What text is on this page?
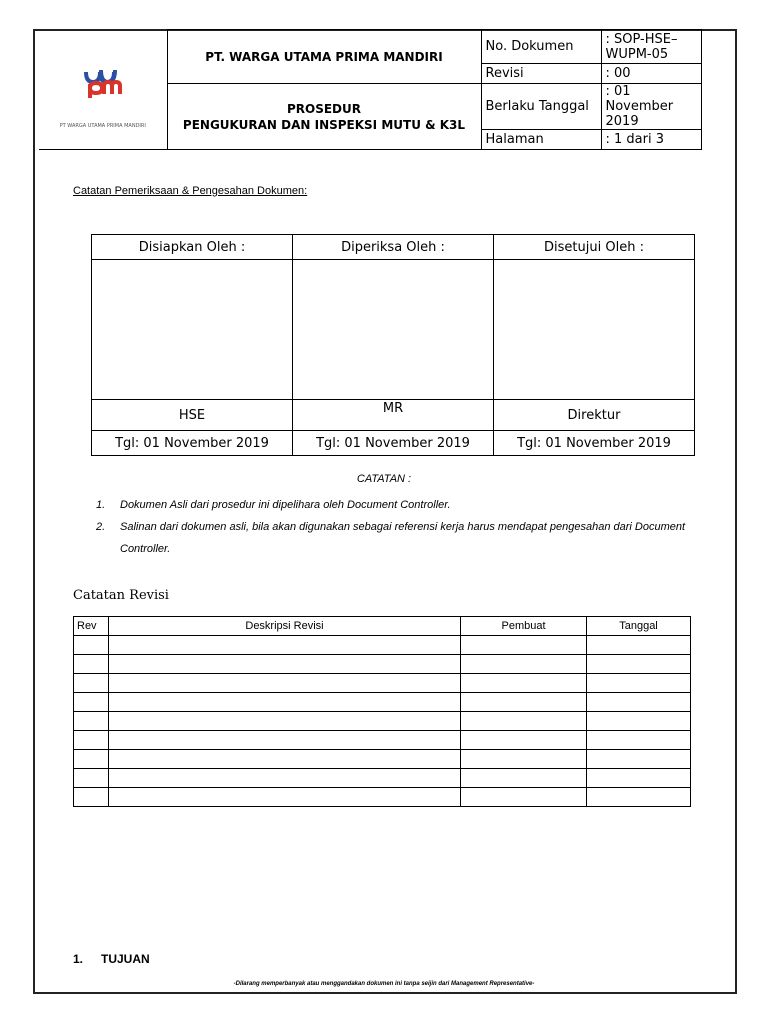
PT WARGA UTAMA PRIMA MANDIRI	PT. WARGA UTAMA PRIMA MANDIRI	No. Dokumen	: SOP-HSE–WUPM-05
		Revisi	: 00

	PROSEDUR
PENGUKURAN DAN INSPEKSI MUTU & K3L	Berlaku Tanggal	: 01 November 2019
		Halaman	: 1 dari 3
Catatan Pemeriksaan & Pengesahan Dokumen:
Disiapkan Oleh :	Diperiksa Oleh :	Disetujui Oleh :

HSE	MR	Direktur
Tgl: 01 November 2019	Tgl: 01 November 2019	Tgl: 01 November 2019
CATATAN :
1.	Dokumen Asli dari prosedur ini dipelihara oleh Document Controller.
2.	Salinan dari dokumen asli, bila akan digunakan sebagai referensi kerja harus mendapat pengesahan dari Document Controller.
Catatan Revisi
Rev	Deskripsi Revisi	Pembuat	Tanggal

1. TUJUAN
-Dilarang memperbanyak atau menggandakan dokumen ini tanpa seijin dari Management Representative-
